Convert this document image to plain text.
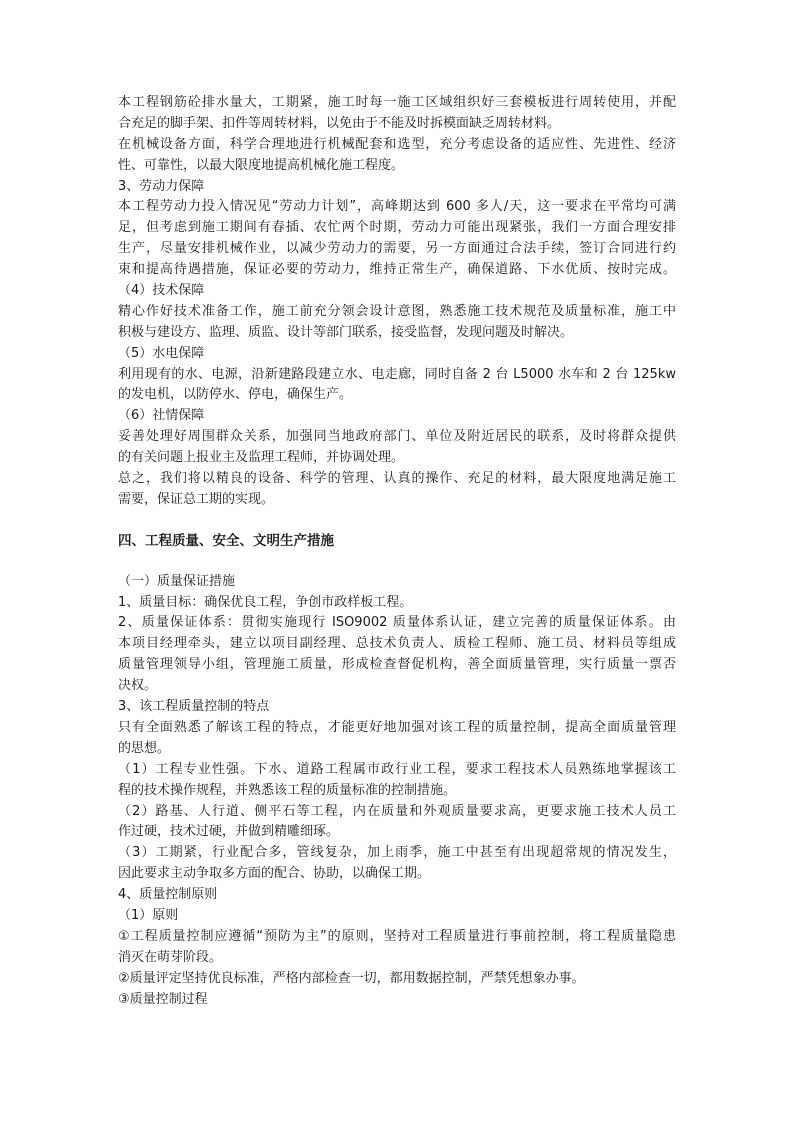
本工程钢筋砼排水量大，工期紧，施工时每一施工区域组织好三套模板进行周转使用，并配
合充足的脚手架、扣件等周转材料，以免由于不能及时拆模面缺乏周转材料。
在机械设备方面，科学合理地进行机械配套和选型，充分考虑设备的适应性、先进性、经济
性、可靠性，以最大限度地提高机械化施工程度。
3、劳动力保障
本工程劳动力投入情况见“劳动力计划”，高峰期达到 600 多人/天，这一要求在平常均可满
足，但考虑到施工期间有春插、农忙两个时期，劳动力可能出现紧张，我们一方面合理安排
生产，尽量安排机械作业，以减少劳动力的需要，另一方面通过合法手续，签订合同进行约
束和提高待遇措施，保证必要的劳动力，维持正常生产，确保道路、下水优质、按时完成。
（4）技术保障
精心作好技术准备工作，施工前充分领会设计意图，熟悉施工技术规范及质量标准，施工中
积极与建设方、监理、质监、设计等部门联系，接受监督，发现问题及时解决。
（5）水电保障
利用现有的水、电源，沿新建路段建立水、电走廊，同时自备 2 台 L5000 水车和 2 台 125kw
的发电机，以防停水、停电，确保生产。
（6）社情保障
妥善处理好周围群众关系，加强同当地政府部门、单位及附近居民的联系，及时将群众提供
的有关问题上报业主及监理工程师，并协调处理。
总之，我们将以精良的设备、科学的管理、认真的操作、充足的材料，最大限度地满足施工
需要，保证总工期的实现。
四、工程质量、安全、文明生产措施
（一）质量保证措施
1、质量目标：确保优良工程，争创市政样板工程。
2、质量保证体系：贯彻实施现行 ISO9002 质量体系认证，建立完善的质量保证体系。由
本项目经理牵头，建立以项目副经理、总技术负责人、质检工程师、施工员、材料员等组成
质量管理领导小组，管理施工质量，形成检查督促机构，善全面质量管理，实行质量一票否
决权。
3、该工程质量控制的特点
只有全面熟悉了解该工程的特点，才能更好地加强对该工程的质量控制，提高全面质量管理
的思想。
（1）工程专业性强。下水、道路工程属市政行业工程，要求工程技术人员熟练地掌握该工
程的技术操作规程，并熟悉该工程的质量标准的控制措施。
（2）路基、人行道、侧平石等工程，内在质量和外观质量要求高，更要求施工技术人员工
作过硬，技术过硬，并做到精雕细琢。
（3）工期紧，行业配合多，管线复杂，加上雨季，施工中甚至有出现超常规的情况发生，
因此要求主动争取多方面的配合、协助，以确保工期。
4、质量控制原则
（1）原则
①工程质量控制应遵循“预防为主”的原则，坚持对工程质量进行事前控制，将工程质量隐患
消灭在萌芽阶段。
②质量评定坚持优良标准，严格内部检查一切，都用数据控制，严禁凭想象办事。
③质量控制过程
